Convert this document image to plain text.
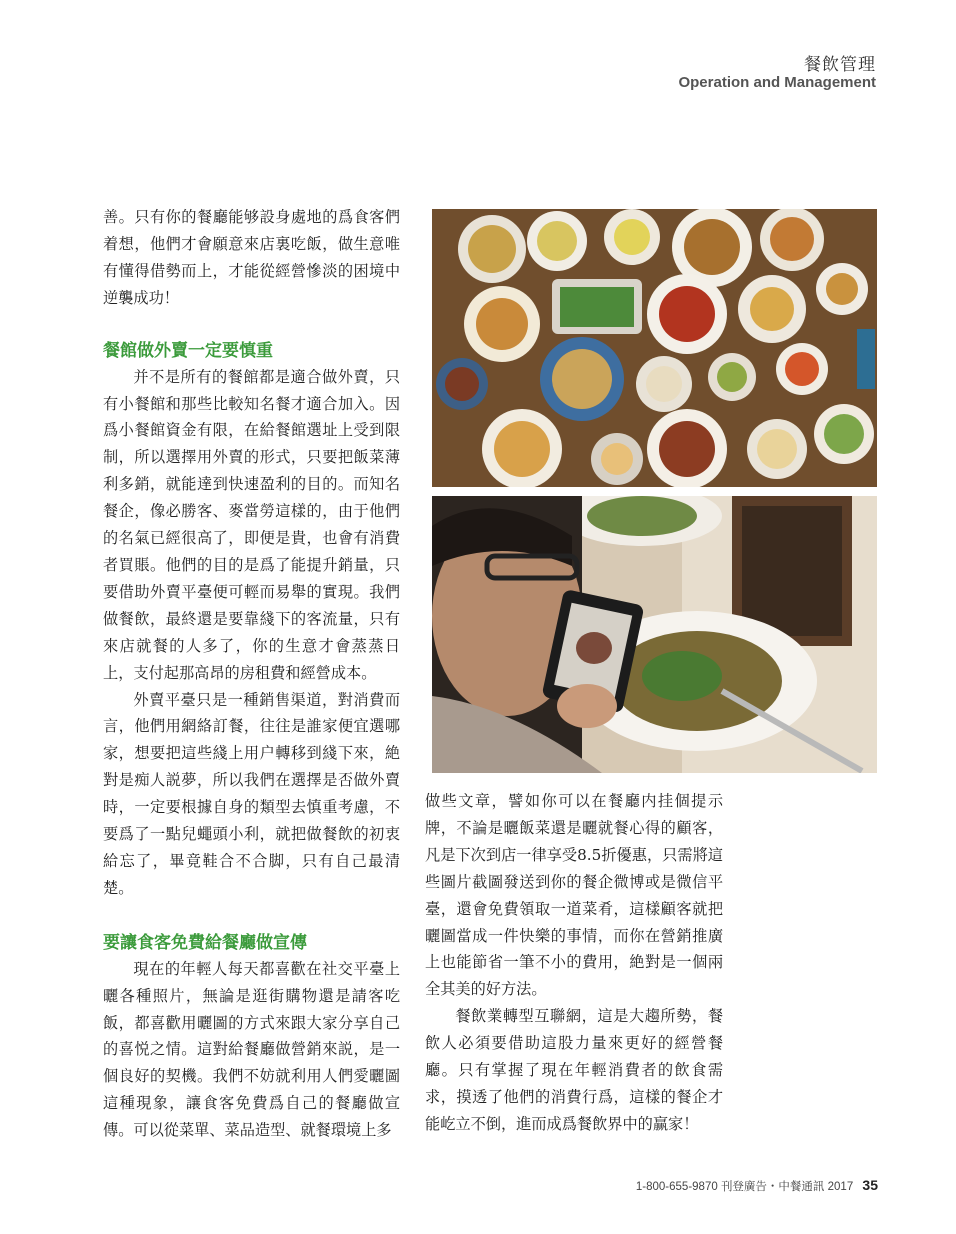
餐飲管理
Operation and Management

善。只有你的餐廳能够設身處地的爲食客們着想，他們才會願意來店裏吃飯，做生意唯有懂得借勢而上，才能從經營慘淡的困境中逆襲成功！

餐館做外賣一定要慎重

并不是所有的餐館都是適合做外賣，只有小餐館和那些比較知名餐才適合加入。因爲小餐館資金有限，在給餐館選址上受到限制，所以選擇用外賣的形式，只要把飯菜薄利多銷，就能達到快速盈利的目的。而知名餐企，像必勝客、麥當勞這樣的，由于他們的名氣已經很高了，即便是貴，也會有消費者買賬。他們的目的是爲了能提升銷量，只要借助外賣平臺便可輕而易舉的實現。我們做餐飲，最終還是要靠綫下的客流量，只有來店就餐的人多了，你的生意才會蒸蒸日上，支付起那高昂的房租費和經營成本。

外賣平臺只是一種銷售渠道，對消費而言，他們用網絡訂餐，往往是誰家便宜選哪家，想要把這些綫上用户轉移到綫下來，絶對是痴人説夢，所以我們在選擇是否做外賣時，一定要根據自身的類型去慎重考慮，不要爲了一點兒蠅頭小利，就把做餐飲的初衷給忘了，畢竟鞋合不合脚，只有自己最清楚。

要讓食客免費給餐廳做宣傳

現在的年輕人每天都喜歡在社交平臺上曬各種照片，無論是逛街購物還是請客吃飯，都喜歡用曬圖的方式來跟大家分享自己的喜悦之情。這對給餐廳做營銷來説，是一個良好的契機。我們不妨就利用人們愛曬圖這種現象，讓食客免費爲自己的餐廳做宣傳。可以從菜單、菜品造型、就餐環境上多

做些文章，譬如你可以在餐廳内挂個提示牌，不論是曬飯菜還是曬就餐心得的顧客，凡是下次到店一律享受8.5折優惠，只需將這些圖片截圖發送到你的餐企微博或是微信平臺，還會免費領取一道菜肴，這樣顧客就把曬圖當成一件快樂的事情，而你在營銷推廣上也能節省一筆不小的費用，絶對是一個兩全其美的好方法。

餐飲業轉型互聯網，這是大趨所勢，餐飲人必須要借助這股力量來更好的經營餐廳。只有掌握了現在年輕消費者的飲食需求，摸透了他們的消費行爲，這樣的餐企才能屹立不倒，進而成爲餐飲界中的赢家！

1-800-655-9870 刊登廣告・中餐通訊 2017 35
